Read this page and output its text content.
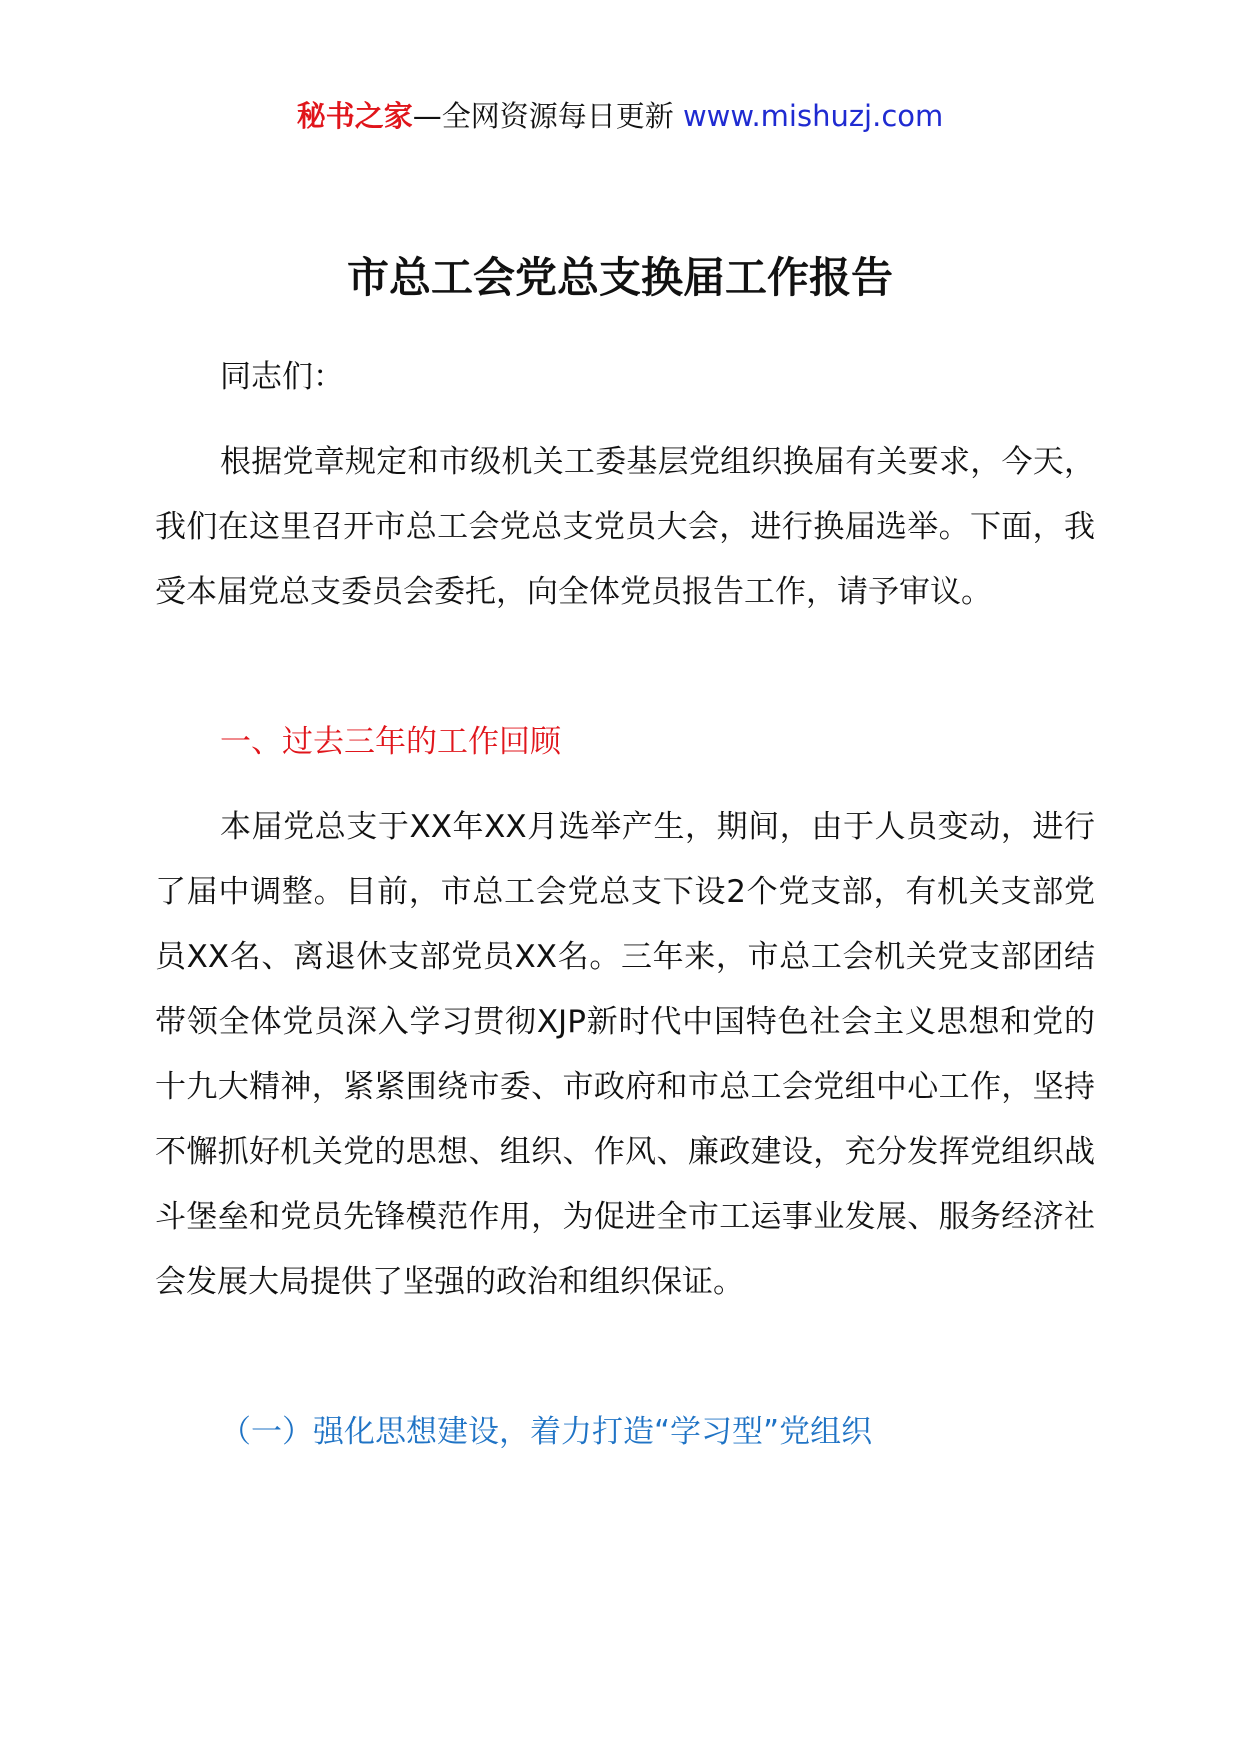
秘书之家—全网资源每日更新 www.mishuzj.com
市总工会党总支换届工作报告

同志们：

根据党章规定和市级机关工委基层党组织换届有关要求，今天，我们在这里召开市总工会党总支党员大会，进行换届选举。下面，我受本届党总支委员会委托，向全体党员报告工作，请予审议。

一、过去三年的工作回顾

本届党总支于XX年XX月选举产生，期间，由于人员变动，进行了届中调整。目前，市总工会党总支下设2个党支部，有机关支部党员XX名、离退休支部党员XX名。三年来，市总工会机关党支部团结带领全体党员深入学习贯彻XJP新时代中国特色社会主义思想和党的十九大精神，紧紧围绕市委、市政府和市总工会党组中心工作，坚持不懈抓好机关党的思想、组织、作风、廉政建设，充分发挥党组织战斗堡垒和党员先锋模范作用，为促进全市工运事业发展、服务经济社会发展大局提供了坚强的政治和组织保证。

（一）强化思想建设，着力打造“学习型”党组织
